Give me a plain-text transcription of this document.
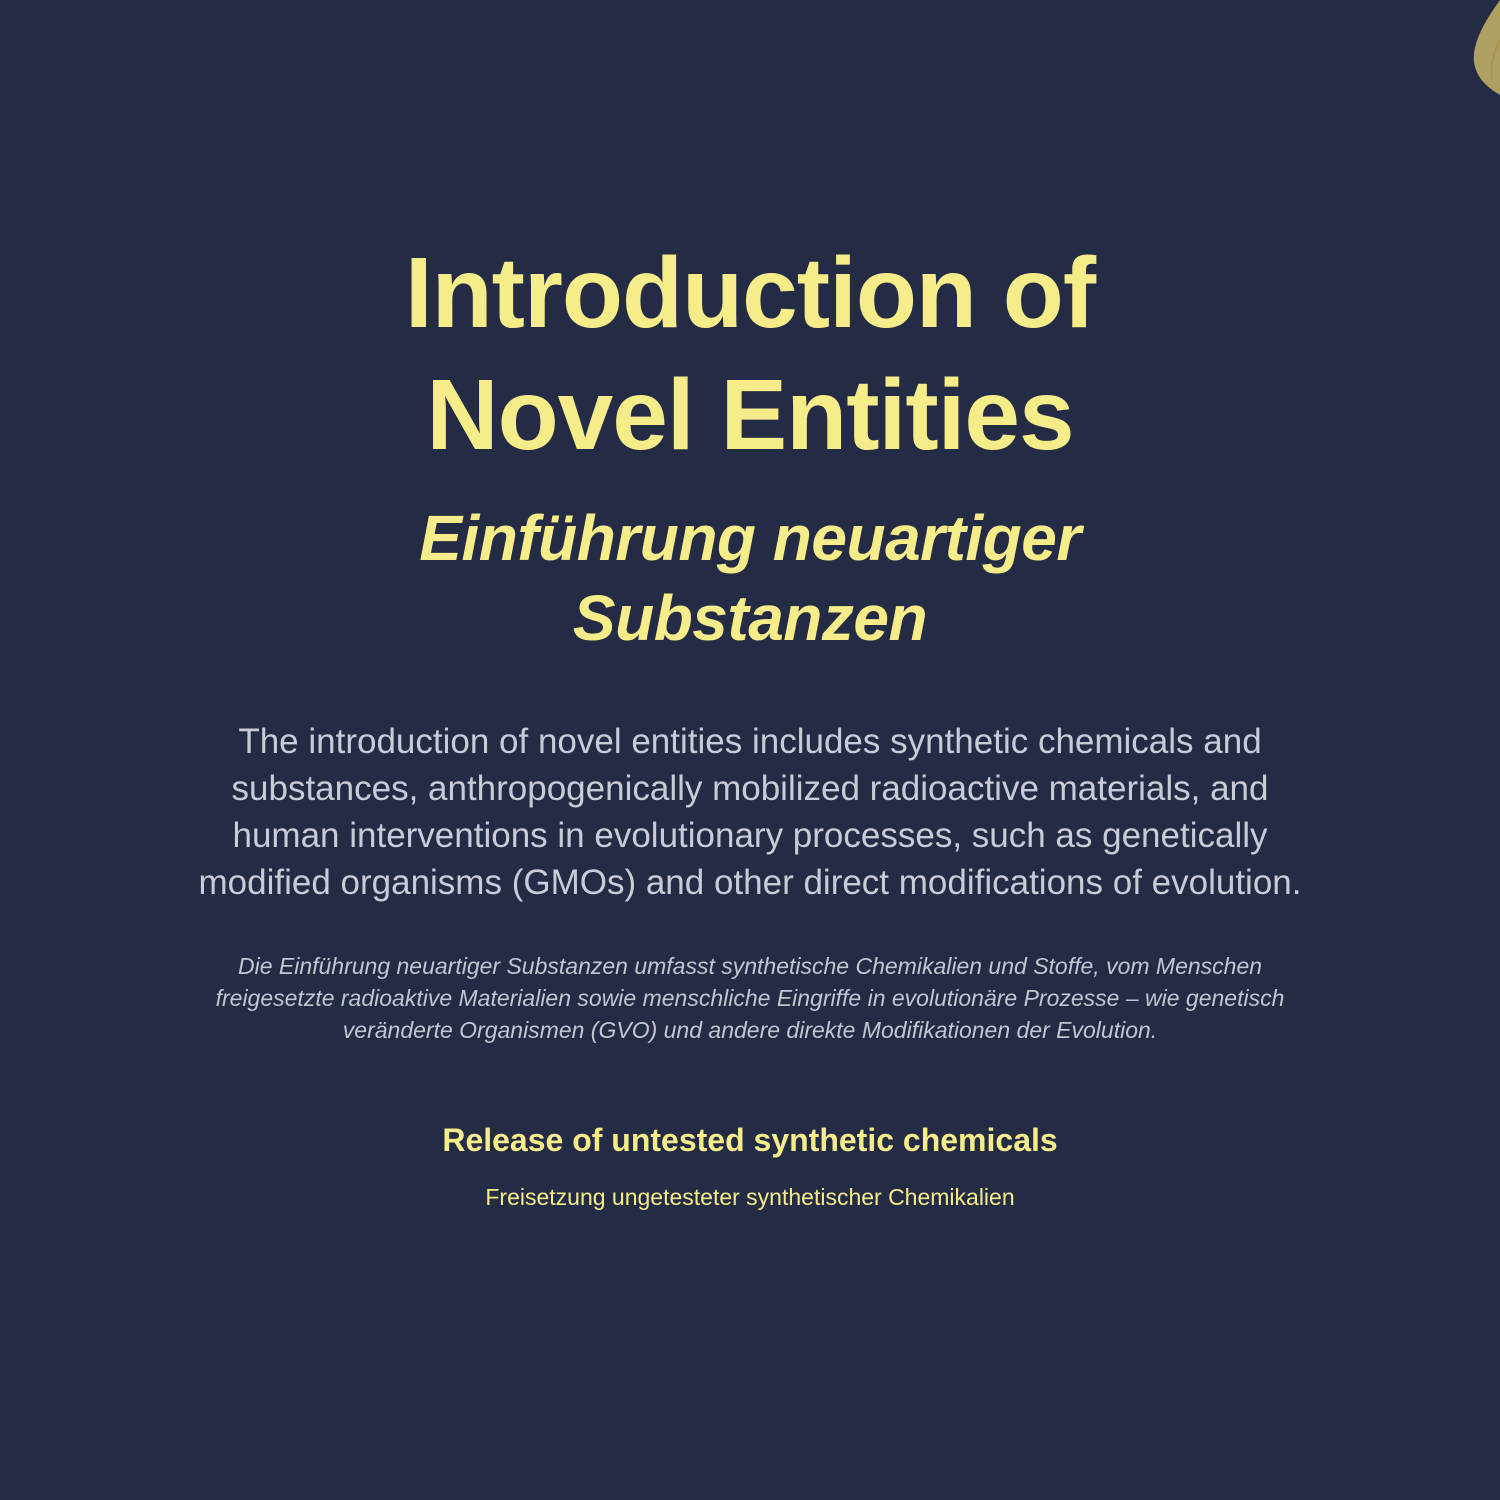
Introduction of
Novel Entities
Einführung neuartiger
Substanzen

The introduction of novel entities includes synthetic chemicals and
substances, anthropogenically mobilized radioactive materials, and
human interventions in evolutionary processes, such as genetically
modified organisms (GMOs) and other direct modifications of evolution.

Die Einführung neuartiger Substanzen umfasst synthetische Chemikalien und Stoffe, vom Menschen
freigesetzte radioaktive Materialien sowie menschliche Eingriffe in evolutionäre Prozesse – wie genetisch
veränderte Organismen (GVO) und andere direkte Modifikationen der Evolution.

Release of untested synthetic chemicals

Freisetzung ungetesteter synthetischer Chemikalien
